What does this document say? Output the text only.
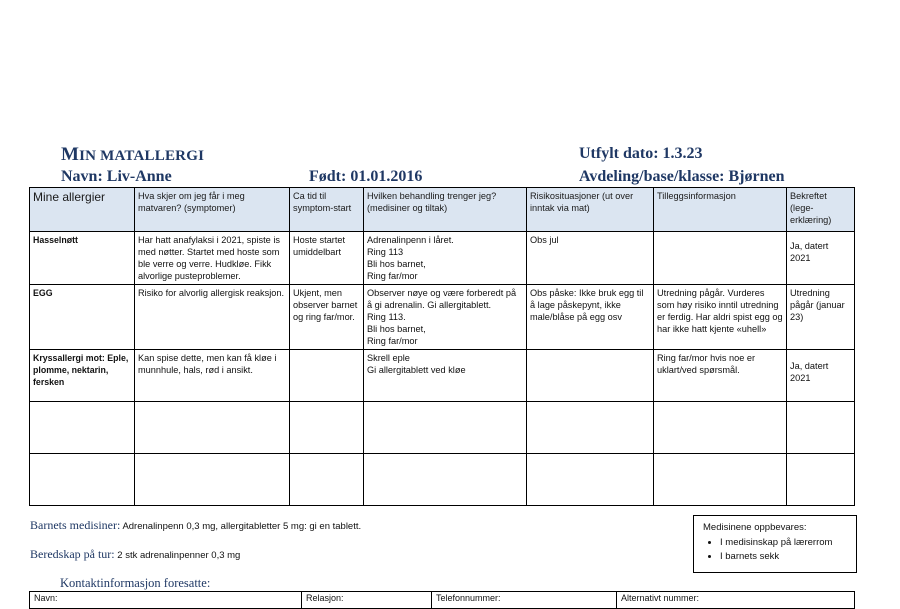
MIN MATALLERGI	Utfylt dato: 1.3.23
Navn: Liv-Anne	Født: 01.01.2016	Avdeling/base/klasse: Bjørnen
Mine allergier	Hva skjer om jeg får i meg matvaren? (symptomer)	Ca tid til symptom-start	Hvilken behandling trenger jeg? (medisiner og tiltak)	Risikosituasjoner (ut over inntak via mat)	Tilleggsinformasjon	Bekreftet (lege-erklæring)
Hasselnøtt	Har hatt anafylaksi i 2021, spiste is med nøtter. Startet med hoste som ble verre og verre. Hudkløe. Fikk alvorlige pusteproblemer.	Hoste startet umiddelbart	Adrenalinpenn i låret.
Ring 113
Bli hos barnet,
Ring far/mor	Obs jul		Ja, datert 2021
EGG	Risiko for alvorlig allergisk reaksjon.	Ukjent, men observer barnet og ring far/mor.	Observer nøye og være forberedt på å gi adrenalin. Gi allergitablett.
Ring 113.
Bli hos barnet,
Ring far/mor	Obs påske: Ikke bruk egg til å lage påskepynt, ikke male/blåse på egg osv	Utredning pågår. Vurderes som høy risiko inntil utredning er ferdig. Har aldri spist egg og har ikke hatt kjente «uhell»	Utredning pågår (januar 23)
Kryssallergi mot: Eple, plomme, nektarin, fersken	Kan spise dette, men kan få kløe i munnhule, hals, rød i ansikt.		Skrell eple
Gi allergitablett ved kløe		Ring far/mor hvis noe er uklart/ved spørsmål.	Ja, datert 2021

Barnets medisiner: Adrenalinpenn 0,3 mg, allergitabletter 5 mg: gi en tablett.
Beredskap på tur: 2 stk adrenalinpenner 0,3 mg
Medisinene oppbevares:
• I medisinskap på lærerrom
• I barnets sekk
Kontaktinformasjon foresatte:
Navn:	Relasjon:	Telefonnummer:	Alternativt nummer:
